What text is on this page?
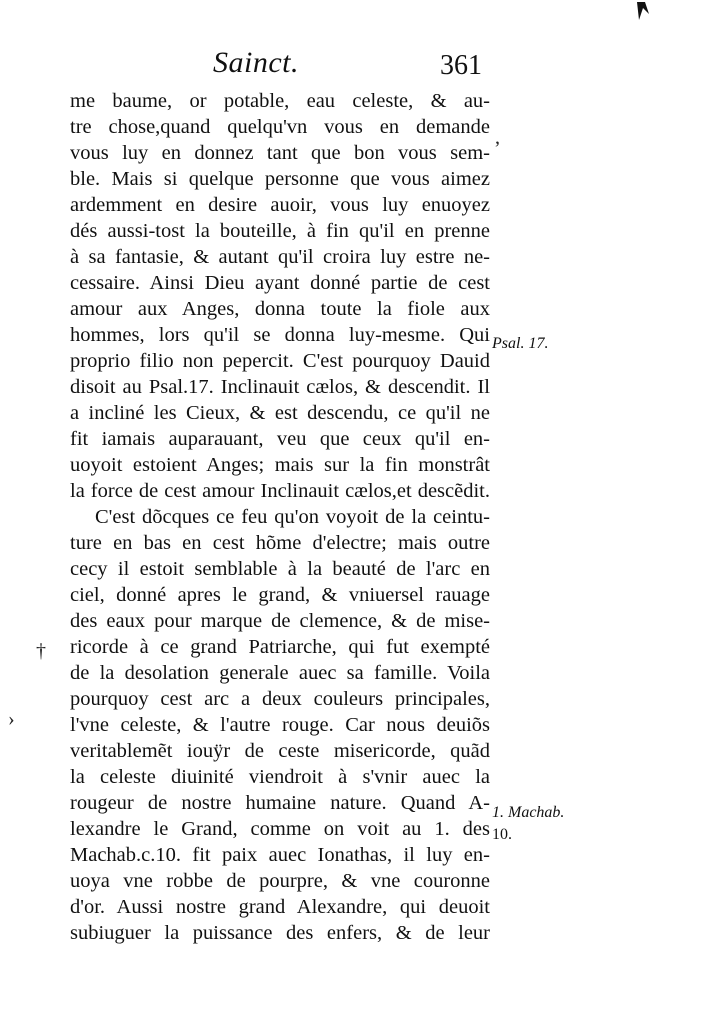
Sainct.	361
me baume, or potable, eau celeste, & au-
tre chose,quand quelqu'vn vous en demande
vous luy en donnez tant que bon vous sem-
ble. Mais si quelque personne que vous aimez
ardemment en desire auoir, vous luy enuoyez
dés aussi-tost la bouteille, à fin qu'il en prenne
à sa fantasie, & autant qu'il croira luy estre ne-
cessaire. Ainsi Dieu ayant donné partie de cest
amour aux Anges, donna toute la fiole aux
hommes, lors qu'il se donna luy-mesme. Qui
proprio filio non pepercit. C'est pourquoy Dauid
disoit au Psal.17. Inclinauit cælos, & descendit. Il
a incliné les Cieux, & est descendu, ce qu'il ne
fit iamais auparauant, veu que ceux qu'il en-
uoyoit estoient Anges; mais sur la fin monstrât
la force de cest amour Inclinauit cælos,et descẽdit.
C'est dõcques ce feu qu'on voyoit de la ceintu-
ture en bas en cest hõme d'electre; mais outre
cecy il estoit semblable à la beauté de l'arc en
ciel, donné apres le grand, & vniuersel rauage
des eaux pour marque de clemence, & de mise-
ricorde à ce grand Patriarche, qui fut exempté
de la desolation generale auec sa famille. Voila
pourquoy cest arc a deux couleurs principales,
l'vne celeste, & l'autre rouge. Car nous deuiõs
veritablemẽt iouÿr de ceste misericorde, quãd
la celeste diuinité viendroit à s'vnir auec la
rougeur de nostre humaine nature. Quand A-
lexandre le Grand, comme on voit au 1. des
Machab.c.10. fit paix auec Ionathas, il luy en-
uoya vne robbe de pourpre, & vne couronne
d'or. Aussi nostre grand Alexandre, qui deuoit
subiuguer la puissance des enfers, & de leur
Psal. 17.
1. Machab.
10.
ʼ
†
›
